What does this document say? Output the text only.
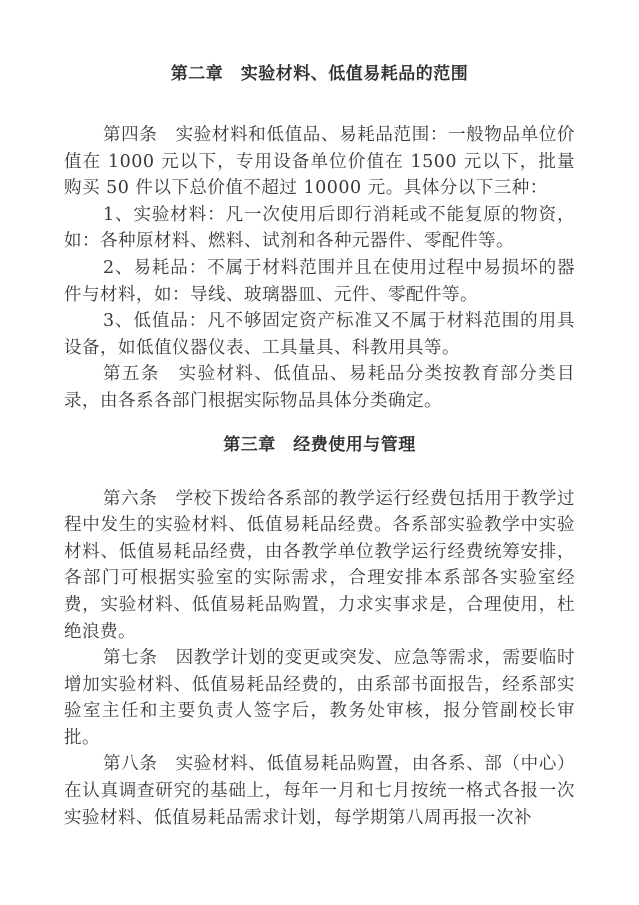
第二章　实验材料、低值易耗品的范围

第四条　实验材料和低值品、易耗品范围：一般物品单位价值在 1000 元以下，专用设备单位价值在 1500 元以下，批量购买 50 件以下总价值不超过 10000 元。具体分以下三种：

1、实验材料：凡一次使用后即行消耗或不能复原的物资，如：各种原材料、燃料、试剂和各种元器件、零配件等。

2、易耗品：不属于材料范围并且在使用过程中易损坏的器件与材料，如：导线、玻璃器皿、元件、零配件等。

3、低值品：凡不够固定资产标准又不属于材料范围的用具设备，如低值仪器仪表、工具量具、科教用具等。

第五条　实验材料、低值品、易耗品分类按教育部分类目录，由各系各部门根据实际物品具体分类确定。

第三章　经费使用与管理

第六条　学校下拨给各系部的教学运行经费包括用于教学过程中发生的实验材料、低值易耗品经费。各系部实验教学中实验材料、低值易耗品经费，由各教学单位教学运行经费统筹安排，各部门可根据实验室的实际需求，合理安排本系部各实验室经费，实验材料、低值易耗品购置，力求实事求是，合理使用，杜绝浪费。

第七条　因教学计划的变更或突发、应急等需求，需要临时增加实验材料、低值易耗品经费的，由系部书面报告，经系部实验室主任和主要负责人签字后，教务处审核，报分管副校长审批。

第八条　实验材料、低值易耗品购置，由各系、部（中心）在认真调查研究的基础上，每年一月和七月按统一格式各报一次实验材料、低值易耗品需求计划，每学期第八周再报一次补
